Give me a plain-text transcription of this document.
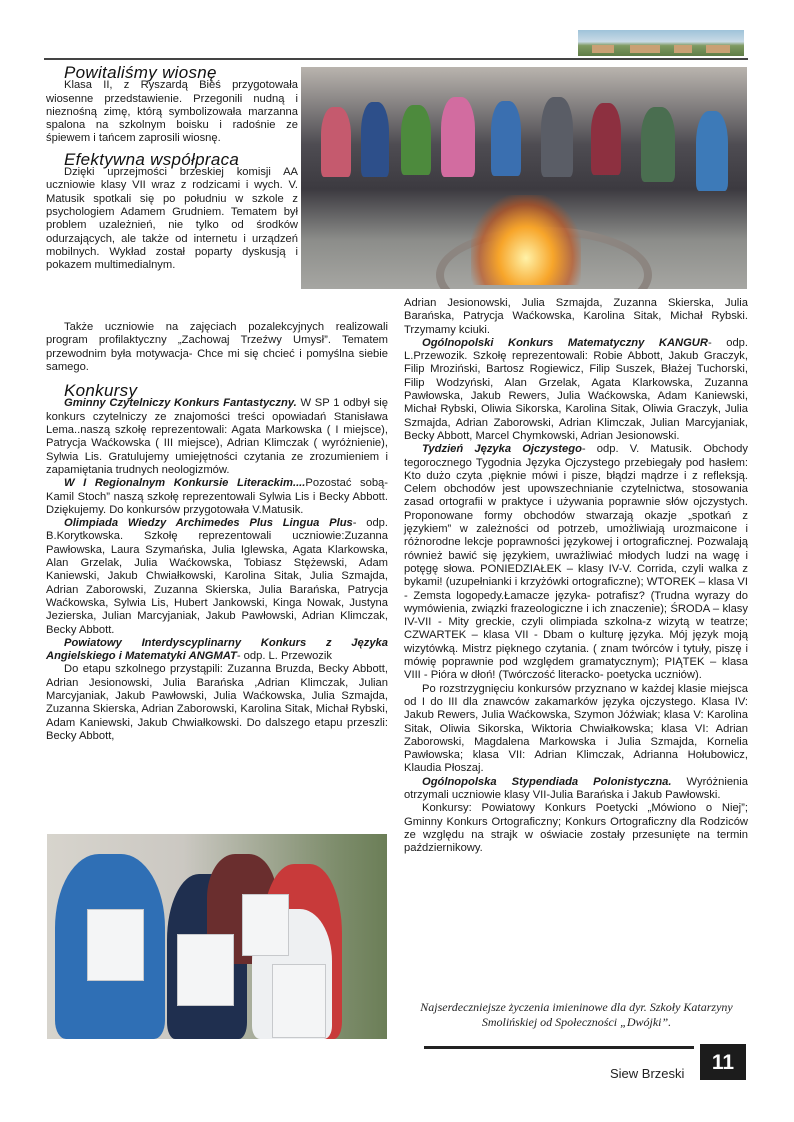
Powitaliśmy wiosnę

Klasa II, z Ryszardą Bieś przygotowała wiosenne przedstawienie. Przegonili nudną i nieznośną zimę, którą symbolizowała marzanna spalona na szkolnym boisku i radośnie ze śpiewem i tańcem zaprosili wiosnę.

Efektywna współpraca

Dzięki uprzejmości brzeskiej komisji AA uczniowie klasy VII wraz z rodzicami i wych. V. Matusik spotkali się po południu w szkole z psychologiem Adamem Grudniem. Tematem był problem uzależnień, nie tylko od środków odurzających, ale także od internetu i urządzeń mobilnych. Wykład został poparty dyskusją i pokazem multimedialnym.

Także uczniowie na zajęciach pozalekcyjnych realizowali program profilaktyczny „Zachowaj Trzeźwy Umysł”. Tematem przewodnim była motywacja- Chce mi się chcieć i pomyślna siebie samego.

Konkursy

Gminny Czytelniczy Konkurs Fantastyczny. W SP 1 odbył się konkurs czytelniczy ze znajomości treści opowiadań Stanisława Lema..naszą szkołę reprezentowali: Agata Markowska ( I miejsce), Patrycja Waćkowska ( III miejsce), Adrian Klimczak ( wyróżnienie), Sylwia Lis. Gratulujemy umiejętności czytania ze zrozumieniem i zapamiętania trudnych neologizmów.

W I Regionalnym Konkursie Literackim....Pozostać sobą- Kamil Stoch” naszą szkołę reprezentowali Sylwia Lis i Becky Abbott. Dziękujemy. Do konkursów przygotowała V.Matusik.

Olimpiada Wiedzy Archimedes Plus Lingua Plus- odp. B.Korytkowska. Szkołę reprezentowali uczniowie:Zuzanna Pawłowska, Laura Szymańska, Julia Iglewska, Agata Klarkowska, Alan Grzelak, Julia Waćkowska, Tobiasz Stężewski, Adam Kaniewski, Jakub Chwiałkowski, Karolina Sitak, Julia Szmajda, Adrian Zaborowski, Zuzanna Skierska, Julia Barańska, Patrycja Waćkowska, Sylwia Lis, Hubert Jankowski, Kinga Nowak, Justyna Jezierska, Julian Marcyjaniak, Jakub Pawłowski, Adrian Klimczak, Becky Abbott.

Powiatowy Interdyscyplinarny Konkurs z Języka Angielskiego i Matematyki ANGMAT- odp. L. Przewozik

Do etapu szkolnego przystąpili: Zuzanna Bruzda, Becky Abbott, Adrian Jesionowski, Julia Barańska ,Adrian Klimczak, Julian Marcyjaniak, Jakub Pawłowski, Julia Waćkowska, Julia Szmajda, Zuzanna Skierska, Adrian Zaborowski, Karolina Sitak, Michał Rybski, Adam Kaniewski, Jakub Chwiałkowski. Do dalszego etapu przeszli: Becky Abbott,

Adrian Jesionowski, Julia Szmajda, Zuzanna Skierska, Julia Barańska, Patrycja Waćkowska, Karolina Sitak, Michał Rybski. Trzymamy kciuki.

Ogólnopolski Konkurs Matematyczny KANGUR- odp. L.Przewozik. Szkołę reprezentowali: Robie Abbott, Jakub Graczyk, Filip Mroziński, Bartosz Rogiewicz, Filip Suszek, Błażej Tuchorski, Filip Wodzyński, Alan Grzelak, Agata Klarkowska, Zuzanna Pawłowska, Jakub Rewers, Julia Waćkowska, Adam Kaniewski, Michał Rybski, Oliwia Sikorska, Karolina Sitak, Oliwia Graczyk, Julia Szmajda, Adrian Zaborowski, Adrian Klimczak, Julian Marcyjaniak, Becky Abbott, Marcel Chymkowski, Adrian Jesionowski.

Tydzień Języka Ojczystego- odp. V. Matusik. Obchody tegorocznego Tygodnia Języka Ojczystego przebiegały pod hasłem: Kto dużo czyta ,pięknie mówi i pisze, błądzi mądrze i z refleksją. Celem obchodów jest upowszechnianie czytelnictwa, stosowania zasad ortografii w praktyce i używania poprawnie słów ojczystych. Proponowane formy obchodów stwarzają okazje „spotkań z językiem” w zależności od potrzeb, umożliwiają urozmaicone i różnorodne lekcje poprawności językowej i ortograficznej. Pozwalają również bawić się językiem, uwrażliwiać młodych ludzi na wagę i potęgę słowa. PONIEDZIAŁEK – klasy IV-V. Corrida, czyli walka z bykami! (uzupełnianki i krzyżówki ortograficzne); WTOREK – klasa VI - Zemsta logopedy.Łamacze języka- potrafisz? (Trudna wyrazy do wymówienia, związki frazeologiczne i ich znaczenie); ŚRODA – klasy IV-VII - Mity greckie, czyli olimpiada szkolna-z wizytą w teatrze; CZWARTEK – klasa VII - Dbam o kulturę języka. Mój język moją wizytówką. Mistrz pięknego czytania. ( znam twórców i tytuły, piszę i mówię poprawnie pod względem gramatycznym); PIĄTEK – klasa VIII - Pióra w dłoń! (Twórczość literacko- poetycka uczniów).

Po rozstrzygnięciu konkursów przyznano w każdej klasie miejsca od I do III dla znawców zakamarków języka ojczystego. Klasa IV: Jakub Rewers, Julia Waćkowska, Szymon Jóźwiak; klasa V: Karolina Sitak, Oliwia Sikorska, Wiktoria Chwiałkowska; klasa VI: Adrian Zaborowski, Magdalena Markowska i Julia Szmajda, Kornelia Pawłowska; klasa VII: Adrian Klimczak, Adrianna Hołubowicz, Klaudia Płoszaj.

Ogólnopolska Stypendiada Polonistyczna. Wyróżnienia otrzymali uczniowie klasy VII-Julia Barańska i Jakub Pawłowski.

Konkursy: Powiatowy Konkurs Poetycki „Mówiono o Niej”; Gminny Konkurs Ortograficzny; Konkurs Ortograficzny dla Rodziców ze względu na strajk w oświacie zostały przesunięte na termin październikowy.

Najserdeczniejsze życzenia imieninowe dla dyr. Szkoły Katarzyny Smolińskiej od Społeczności „Dwójki”.
Siew Brzeski	11
